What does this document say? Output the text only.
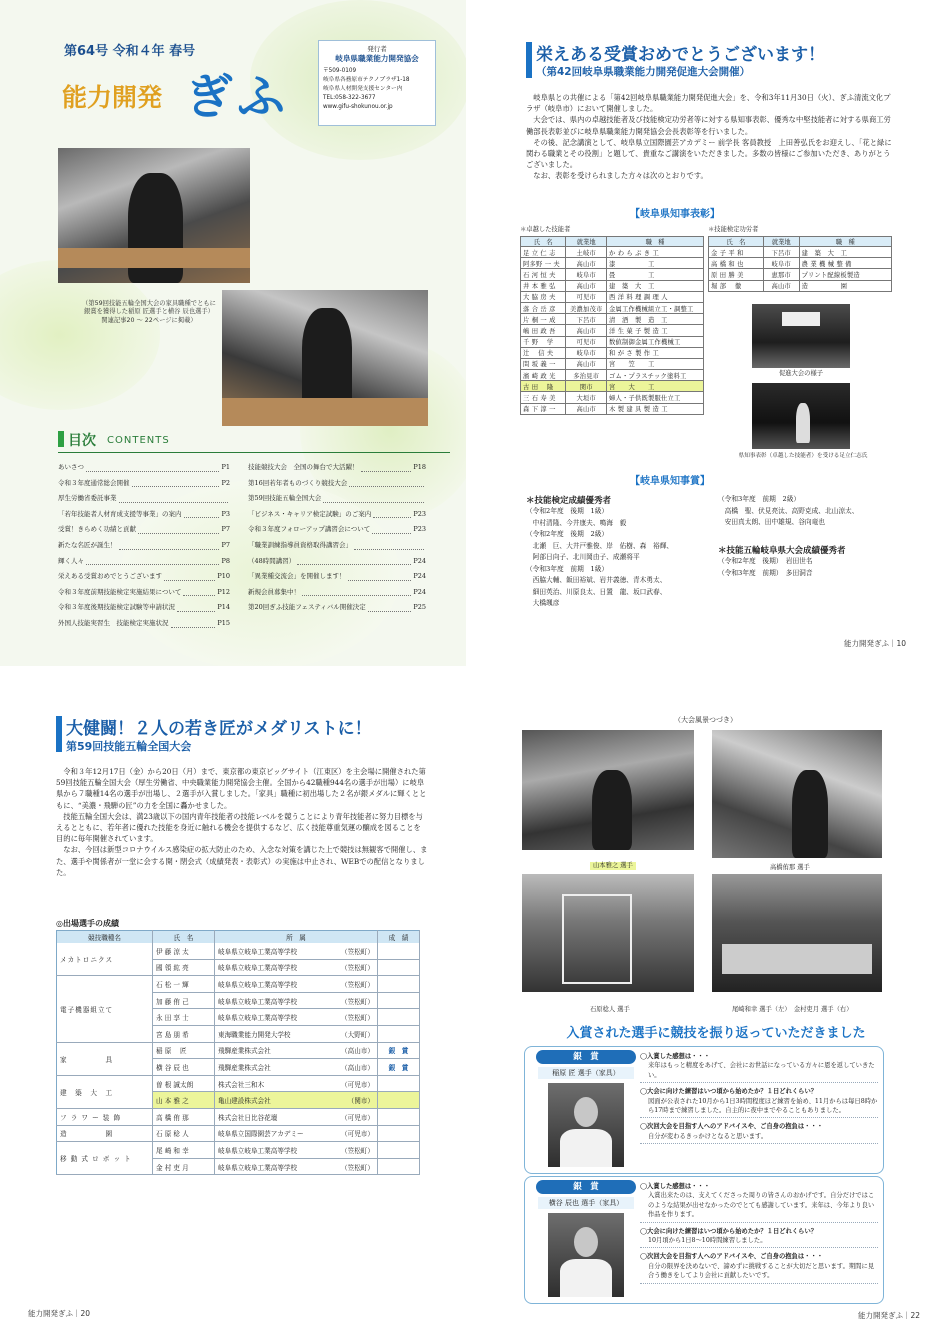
第64号 令和４年 春号
能力開発 ぎふ
発行者
岐阜県職業能力開発協会
〒509-0109
岐阜県各務原市テクノプラザ1-18
岐阜県人材開発支援センター内
TEL:058-322-3677
www.gifu-shokunou.or.jp
（第59回技能五輪全国大会の家具職種でともに
銀賞を獲得した稲原 匠選手と横谷 辰也選手）
関連記事20 ～ 22ページに掲載）
目次 CONTENTS
あいさつ	P1
令和３年度通常総会開催	P2
厚生労働省委託事業
「若年技能者人材育成支援等事業」の案内	P3
受賞！きらめく功績と貢献	P7
新たな名匠が誕生！	P7
輝く人々	P8
栄えある受賞おめでとうございます	P10
令和３年度前期技能検定実施結果について	P12
令和３年度後期技能検定試験等申請状況	P14
外国人技能実習生　技能検定実施状況	P15
技能競技大会　全国の舞台で大活躍！	P18
第16回若年者ものづくり競技大会
第59回技能五輪全国大会
「ビジネス・キャリア検定試験」のご案内	P23
令和３年度フォローアップ講習会について	P23
「職業訓練指導員資格取得講習会」
（48時間講習）	P24
「異業種交流会」を開催します！	P24
新規会員募集中！	P24
第20回ぎふ技能フェスティバル開催決定	P25
栄えある受賞おめでとうございます！
（第42回岐阜県職業能力開発促進大会開催）

岐阜県との共催による「第42回岐阜県職業能力開発促進大会」を、令和3年11月30日（火）、ぎふ清流文化プラザ（岐阜市）において開催しました。

大会では、県内の卓越技能者及び技能検定功労者等に対する県知事表彰、優秀な中堅技能者に対する県商工労働部長表彰並びに岐阜県職業能力開発協会会長表彰等を行いました。

その後、記念講演として、岐阜県立国際園芸アカデミー 前学長 客員教授　上田善弘氏をお迎えし、「花と緑に関わる職業とその役割」と題して、貴重なご講演をいただきました。多数の皆様にご参加いただき、ありがとうございました。

なお、表彰を受けられました方々は次のとおりです。

【岐阜県知事表彰】
＊卓越した技能者	＊技能検定功労者
氏　名	就業地	職　種
足 立 仁 志	土岐市	か わ ら ぶ き 工
阿多野 一 夫	高山市	漆　　　　　工
石 河 恒 夫	岐阜市	畳　　　　　工
井 本 雅 弘	高山市	建　築　大　工
大 脇 房 夫	可児市	西 洋 料 理 調 理 人
落 合 岳 彦	美濃加茂市	金属工作機械組立工・調整工
片 桐 一 成	下呂市	清　酒　製　造　工
嶋 田 政 吾	高山市	洋 生 菓 子 製 造 工
千 野　 学	可児市	数値制御金属工作機械工
辻　 信 夫	岐阜市	和 が さ 製 作 工
問 坂 義 一	高山市	宮　　笠　　工
濱 崎 政 光	多治見市	ゴム・プラスチック塗料工
古 田　 隆	関市	宮　　大　　工
三 石 寿 美	大垣市	婦人・子供既製服仕立工
森 下 淳 一	高山市	木 製 建 具 製 造 工
氏　名	就業地	職　種
金 子 平 和	下呂市	建　築　大　工
高 橋 和 也	岐阜市	農 業 機 械 整 備
原 田 勝 美	恵那市	プリント配線板製造
堀 部　 徹	高山市	造　　　　　園
促進大会の様子
県知事表彰（卓越した技能者）を受ける足立仁志氏
【岐阜県知事賞】
＊技能検定成績優秀者
（令和2年度　後期　1級）
　中村清隆、今井康夫、鳴海　毅
（令和2年度　後期　2級）
　北瀬　巨、大井戸雅俊、岸　佑樹、森　裕輝、
　阿部日向子、北川岡由子、成瀬将平
（令和3年度　前期　1級）
　西脇大輔、飯田裕斌、岩井義徳、青木勇太、
　細田英治、川原良太、日置　龍、坂口武春、
　大橋颯彦
（令和3年度　前期　2級）
　高橋　聖、伏見亮汰、高野克成、北山涼太、
　安田真太朗、田中雄規、谷向竜也
＊技能五輪岐阜県大会成績優秀者
（令和2年度　後期）　岩田世名
（令和3年度　前期）　多田洞音
能力開発ぎふ｜10
大健闘！２人の若き匠がメダリストに！
第59回技能五輪全国大会

令和３年12月17日（金）から20日（月）まで、東京都の東京ビッグサイト（江東区）を主会場に開催された第59回技能五輪全国大会（厚生労働省、中央職業能力開発協会主催。全国から42職種944名の選手が出場）に岐阜県から７職種14名の選手が出場し、２選手が入賞しました。「家具」職種に初出場した２名が銀メダルに輝くとともに、“美濃・飛騨の匠”の力を全国に轟かせました。

技能五輪全国大会は、満23歳以下の国内青年技能者の技能レベルを競うことにより青年技能者に努力目標を与えるとともに、若年者に優れた技能を身近に触れる機会を提供するなど、広く技能尊重気運の醸成を図ることを目的に毎年開催されています。

なお、今回は新型コロナウイルス感染症の拡大防止のため、入念な対策を講じた上で競技は無観客で開催し、また、選手や関係者が一堂に会する開・閉会式（成績発表・表彰式）の実施は中止され、WEBでの配信となりました。

◎出場選手の成績
競技職種名	氏　名	所　属	成　績
メカトロニクス	伊 藤 涼 太	岐阜県立岐阜工業高等学校 （笠松町）	

	國 領 紘 亮	岐阜県立岐阜工業高等学校 （笠松町）	

電子機器組立て	石 松 一 輝	岐阜県立岐阜工業高等学校 （笠松町）	

	加 藤 侑 己	岐阜県立岐阜工業高等学校 （笠松町）	

	永 田 享 士	岐阜県立岐阜工業高等学校 （笠松町）	

	宮 島 朋 希	東海職業能力開発大学校 （大野町）	

家　　　　　具	稲 原　 匠	飛騨産業株式会社 （高山市）	銀　賞
	横 谷 辰 也	飛騨産業株式会社 （高山市）	銀　賞
建　築　大　工	曽 根 誠太朗	株式会社三和木 （可児市）	

	山 本 雅 之	亀山建設株式会社 （関市）	

フ ラ ワ ー 装 飾	高 橋 侑 那	株式会社日比谷花壇 （可児市）	

造　　　　　園	石 原 稔 人	岐阜県立国際園芸アカデミー （可児市）	

移 動 式 ロ ボ ッ ト	尾 崎 和 幸	岐阜県立岐阜工業高等学校 （笠松町）	

	金 村 吏 月	岐阜県立岐阜工業高等学校 （笠松町）	

能力開発ぎふ｜20
（大会風景つづき）
山本雅之 選手	高橋侑那 選手
石原稔人 選手	尾崎和幸 選手（左）　金村吏月 選手（右）
入賞された選手に競技を振り返っていただきました
銀　賞
稲原 匠 選手（家具）
◯入賞した感想は・・・
来年はもっと精度をあげて、会社にお世話になっている方々に恩を返していきたい。
◯大会に向けた練習はいつ頃から始めたか？１日どれくらい？
図面が公表された10月から1日3時間程度ほど練習を始め、11月からは毎日8時から17時まで練習しました。自主的に夜中までやることもありました。
◯次回大会を目指す人へのアドバイスや、ご自身の抱負は・・・
自分が変わるきっかけとなると思います。
銀　賞
横谷 辰也 選手（家具）
◯入賞した感想は・・・
入賞出来たのは、支えてくださった周りの皆さんのおかげです。自分だけではこのような結果が出せなかったのでとても感謝しています。来年は、今年より良い作品を作ります。
◯大会に向けた練習はいつ頃から始めたか？１日どれくらい？
10月頃から1日8～10時間練習しました。
◯次回大会を目指す人へのアドバイスや、ご自身の抱負は・・・
自分の限界を決めないで、諦めずに挑戦することが大切だと思います。期間に見合う働きをしてより会社に貢献したいです。
能力開発ぎふ｜22
